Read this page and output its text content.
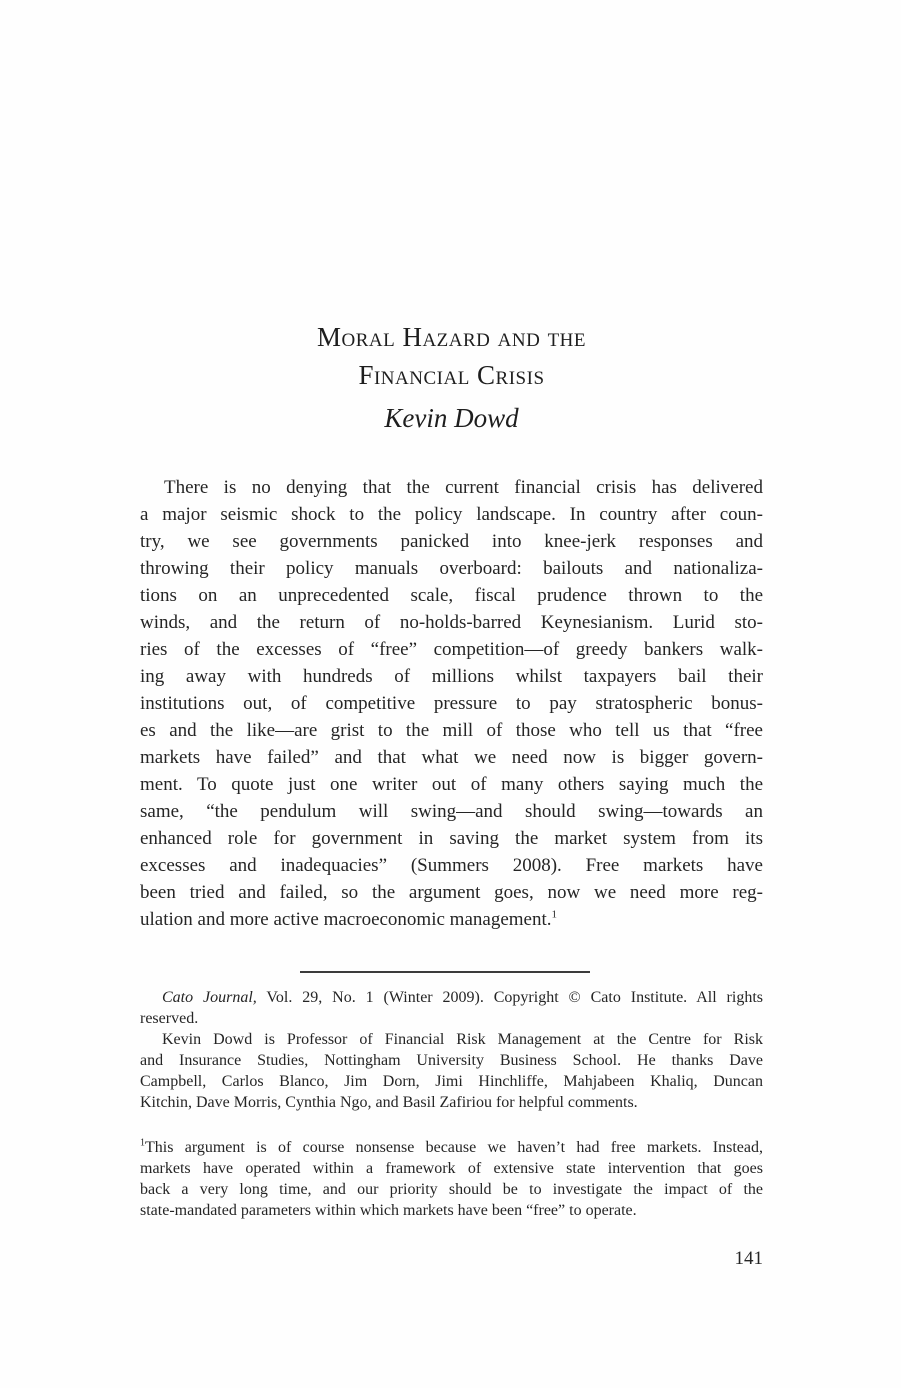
Moral Hazard and the
Financial Crisis
Kevin Dowd
There is no denying that the current financial crisis has delivered
a major seismic shock to the policy landscape. In country after coun-
try, we see governments panicked into knee-jerk responses and
throwing their policy manuals overboard: bailouts and nationaliza-
tions on an unprecedented scale, fiscal prudence thrown to the
winds, and the return of no-holds-barred Keynesianism. Lurid sto-
ries of the excesses of “free” competition—of greedy bankers walk-
ing away with hundreds of millions whilst taxpayers bail their
institutions out, of competitive pressure to pay stratospheric bonus-
es and the like—are grist to the mill of those who tell us that “free
markets have failed” and that what we need now is bigger govern-
ment. To quote just one writer out of many others saying much the
same, “the pendulum will swing—and should swing—towards an
enhanced role for government in saving the market system from its
excesses and inadequacies” (Summers 2008). Free markets have
been tried and failed, so the argument goes, now we need more reg-
ulation and more active macroeconomic management.$^1$
Cato Journal, Vol. 29, No. 1 (Winter 2009). Copyright © Cato Institute. All rights
reserved.
Kevin Dowd is Professor of Financial Risk Management at the Centre for Risk
and Insurance Studies, Nottingham University Business School. He thanks Dave
Campbell, Carlos Blanco, Jim Dorn, Jimi Hinchliffe, Mahjabeen Khaliq, Duncan
Kitchin, Dave Morris, Cynthia Ngo, and Basil Zafiriou for helpful comments.
$^1$This argument is of course nonsense because we haven’t had free markets. Instead,
markets have operated within a framework of extensive state intervention that goes
back a very long time, and our priority should be to investigate the impact of the
state-mandated parameters within which markets have been “free” to operate.
141
